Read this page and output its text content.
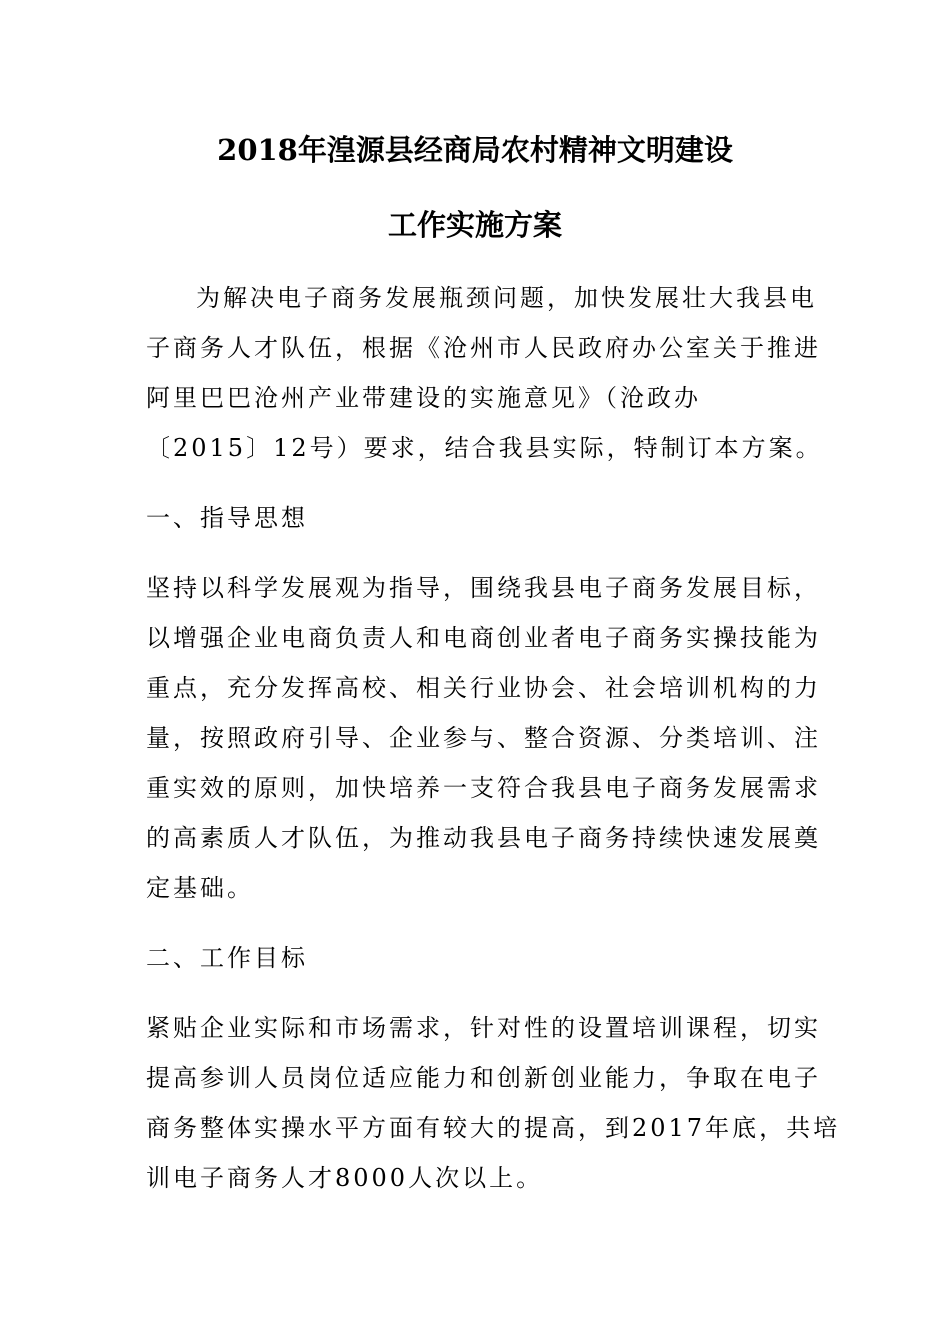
2018年湟源县经商局农村精神文明建设
工作实施方案
为解决电子商务发展瓶颈问题，加快发展壮大我县电
子商务人才队伍，根据《沧州市人民政府办公室关于推进
阿里巴巴沧州产业带建设的实施意见》（沧政办
〔2015〕12号）要求，结合我县实际，特制订本方案。
一、指导思想
坚持以科学发展观为指导，围绕我县电子商务发展目标，
以增强企业电商负责人和电商创业者电子商务实操技能为
重点，充分发挥高校、相关行业协会、社会培训机构的力
量，按照政府引导、企业参与、整合资源、分类培训、注
重实效的原则，加快培养一支符合我县电子商务发展需求
的高素质人才队伍，为推动我县电子商务持续快速发展奠
定基础。
二、工作目标
紧贴企业实际和市场需求，针对性的设置培训课程，切实
提高参训人员岗位适应能力和创新创业能力，争取在电子
商务整体实操水平方面有较大的提高，到2017年底，共培
训电子商务人才8000人次以上。
